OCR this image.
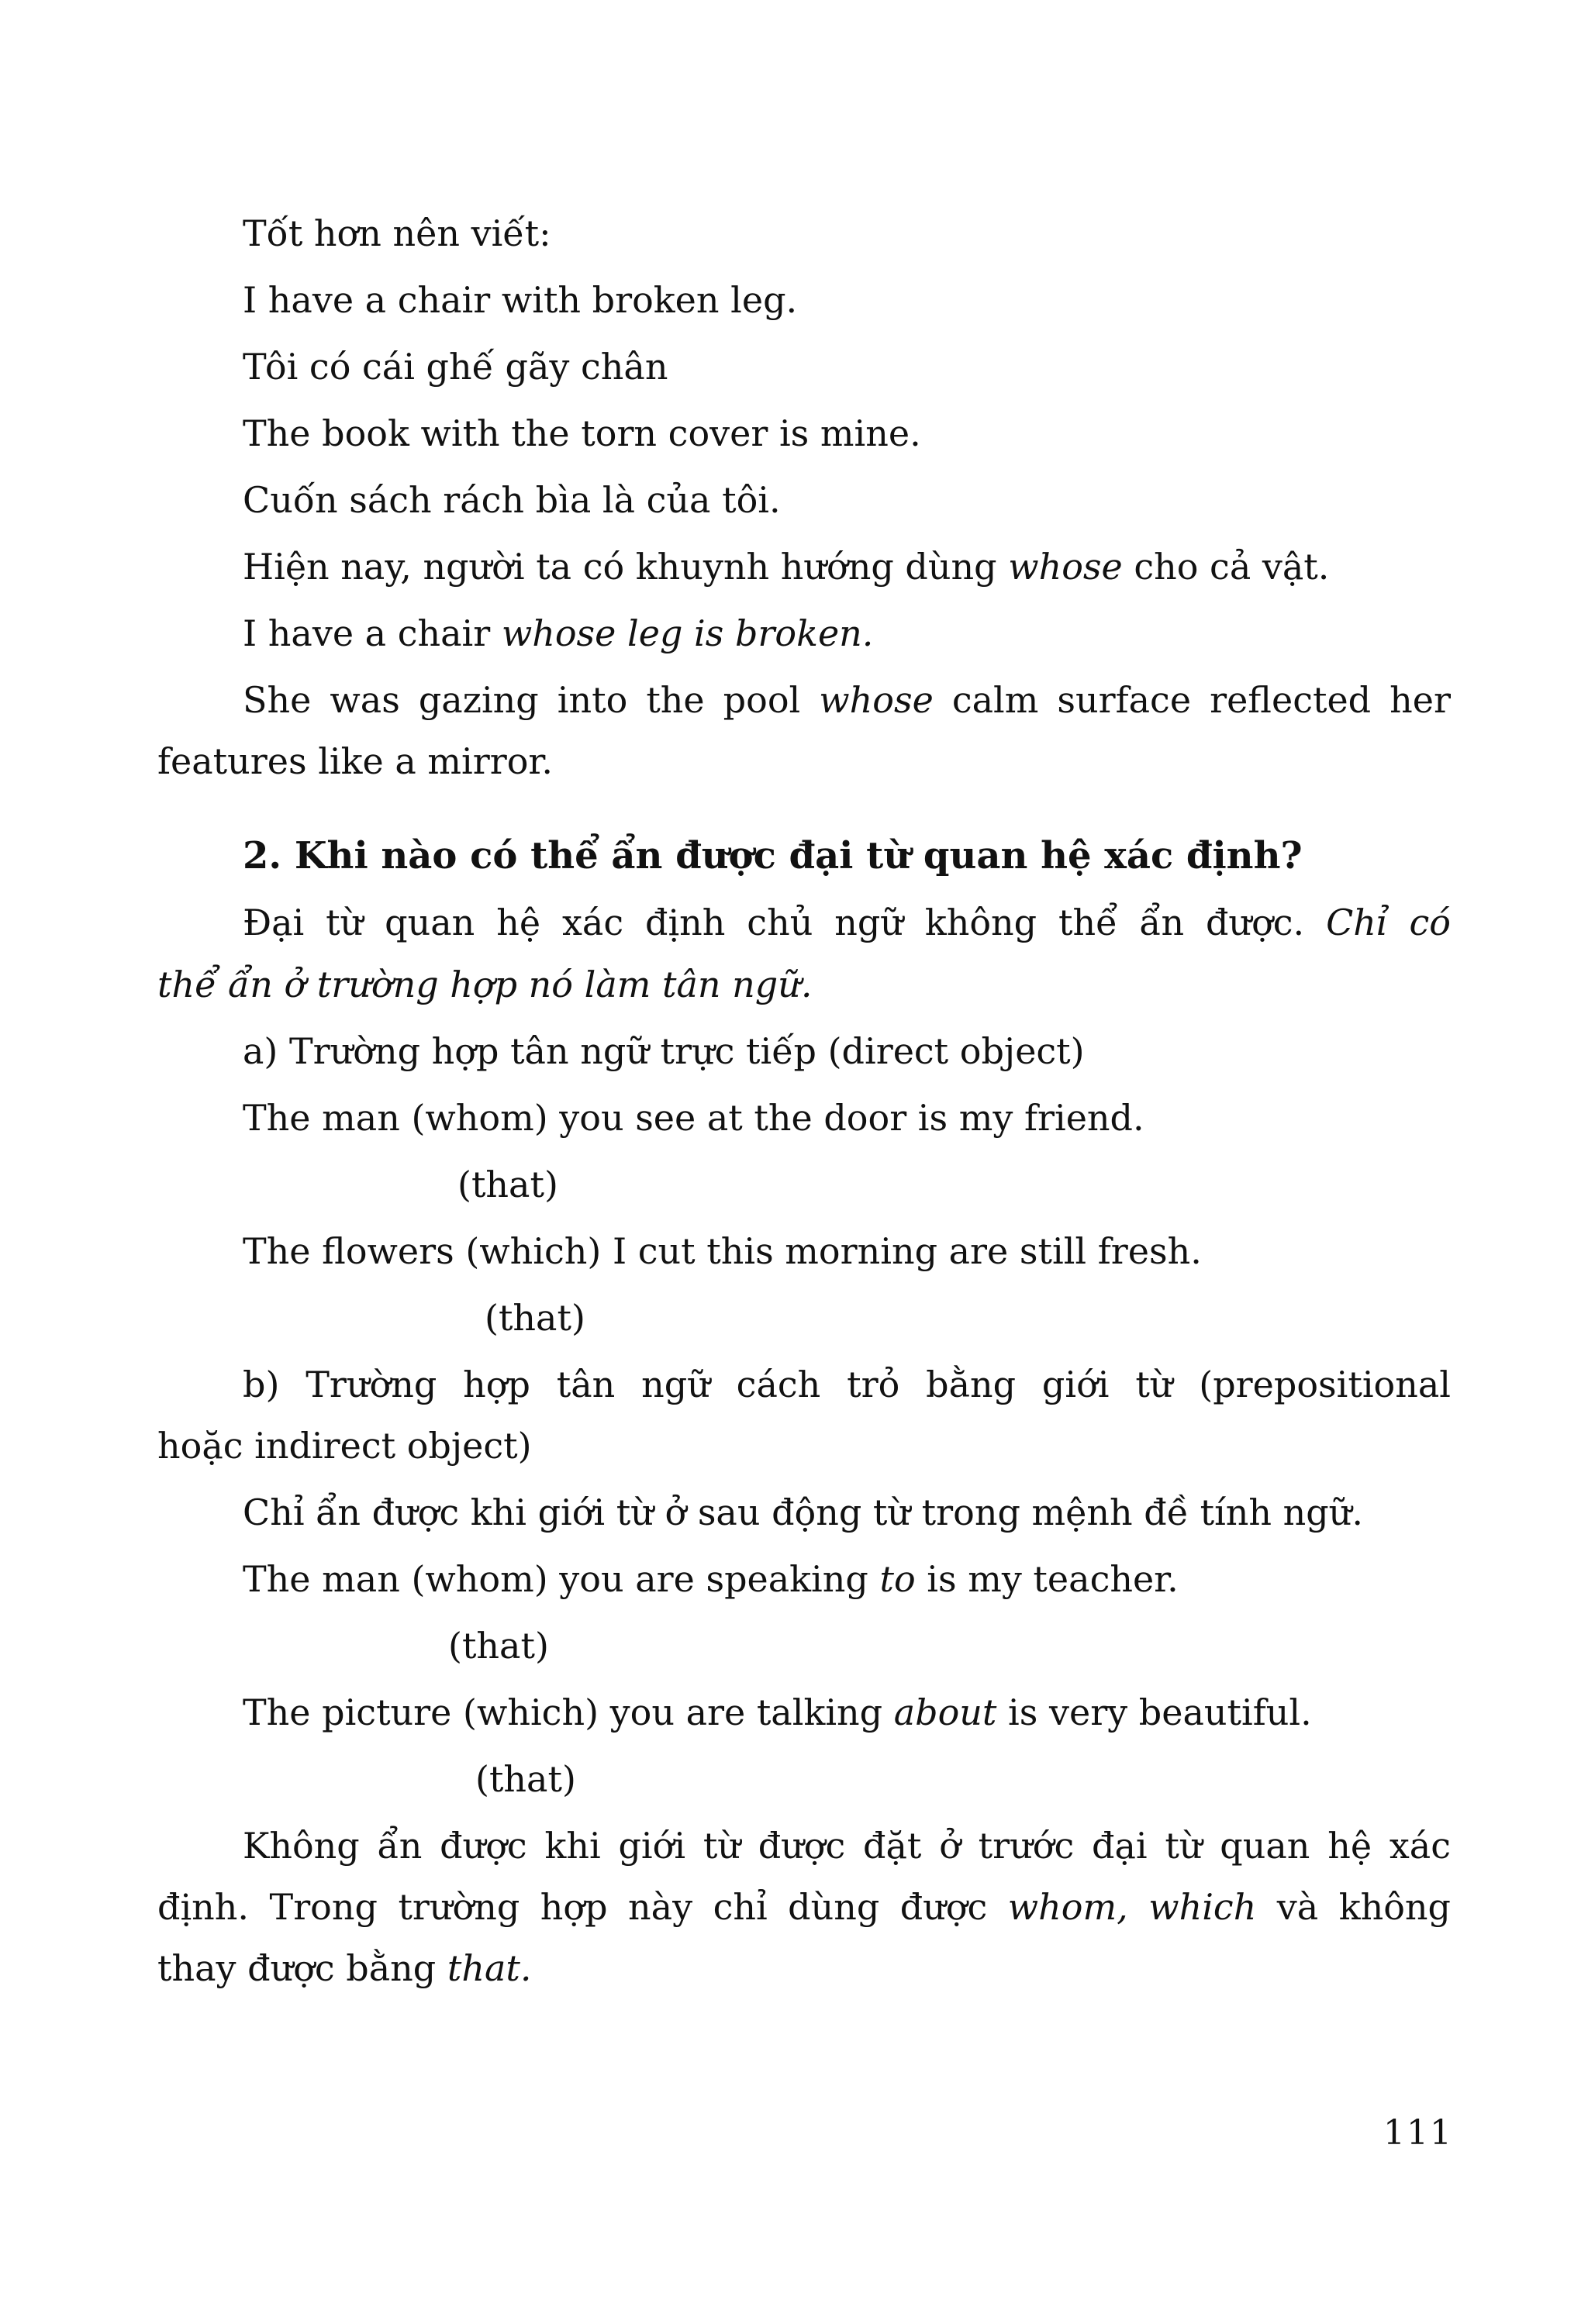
Tốt hơn nên viết:
I have a chair with broken leg.
Tôi có cái ghế gãy chân
The book with the torn cover is mine.
Cuốn sách rách bìa là của tôi.
Hiện nay, người ta có khuynh hướng dùng whose cho cả vật.
I have a chair whose leg is broken.
She was gazing into the pool whose calm surface reflected her
features like a mirror.
2. Khi nào có thể ẩn được đại từ quan hệ xác định?
Đại từ quan hệ xác định chủ ngữ không thể ẩn được. Chỉ có
thể ẩn ở trường hợp nó làm tân ngữ.
a) Trường hợp tân ngữ trực tiếp (direct object)
The man (whom) you see at the door is my friend.
(that)
The flowers (which) I cut this morning are still fresh.
(that)
b) Trường hợp tân ngữ cách trỏ bằng giới từ (prepositional
hoặc indirect object)
Chỉ ẩn được khi giới từ ở sau động từ trong mệnh đề tính ngữ.
The man (whom) you are speaking to is my teacher.
(that)
The picture (which) you are talking about is very beautiful.
(that)
Không ẩn được khi giới từ được đặt ở trước đại từ quan hệ xác
định. Trong trường hợp này chỉ dùng được whom, which và không
thay được bằng that.
111
